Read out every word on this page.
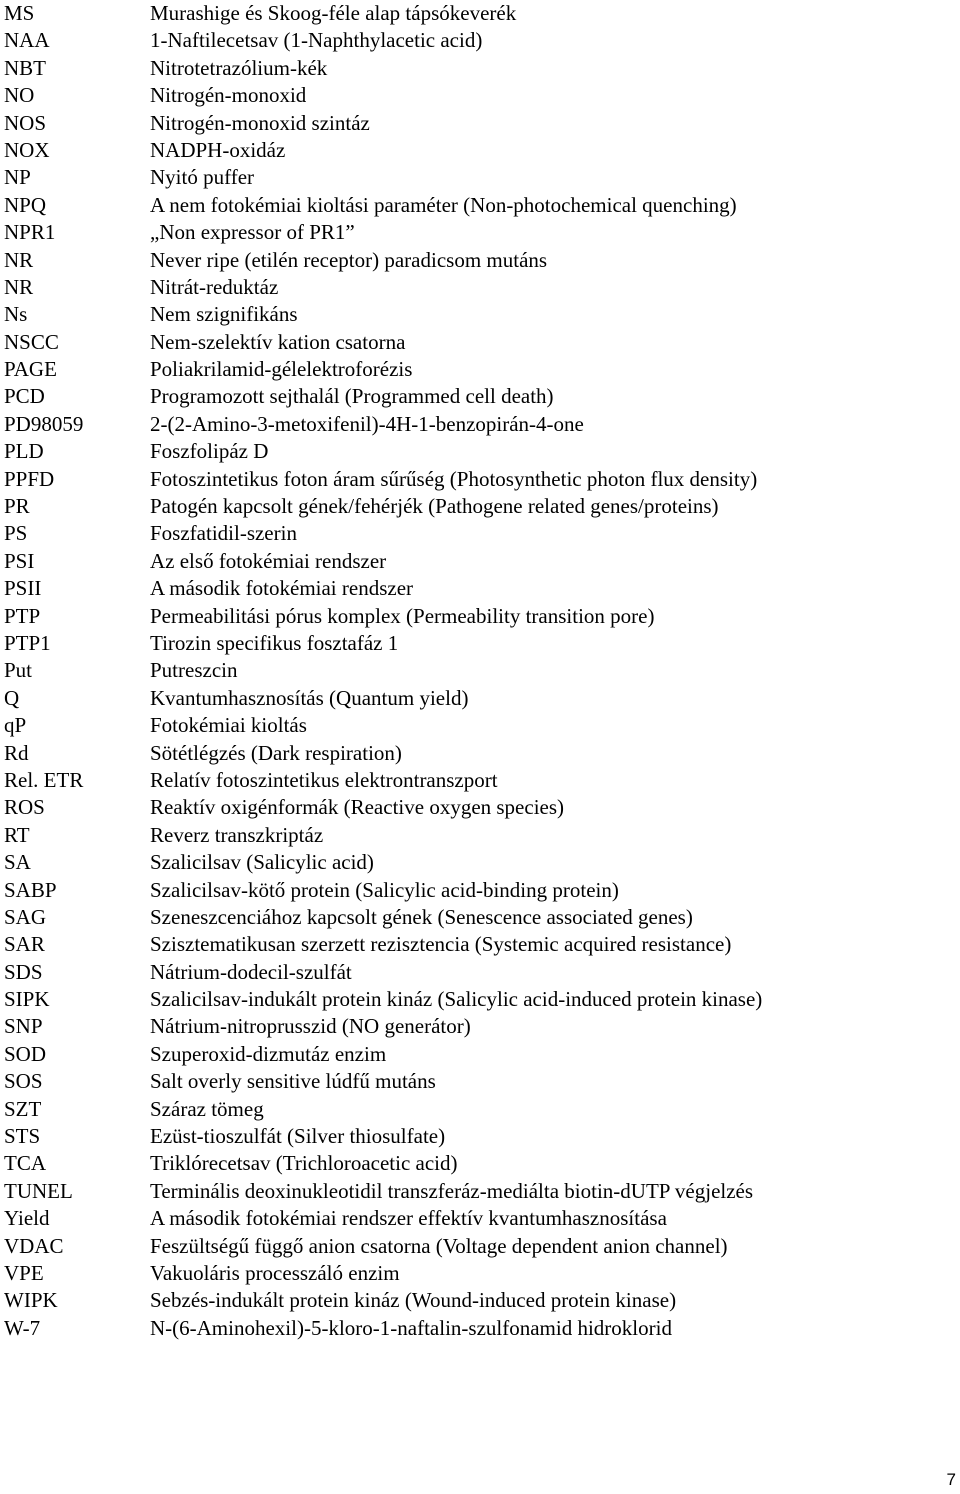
MS	Murashige és Skoog-féle alap tápsókeverék
NAA	1-Naftilecetsav (1-Naphthylacetic acid)
NBT	Nitrotetrazólium-kék
NO	Nitrogén-monoxid
NOS	Nitrogén-monoxid szintáz
NOX	NADPH-oxidáz
NP	Nyitó puffer
NPQ	A nem fotokémiai kioltási paraméter (Non-photochemical quenching)
NPR1	„Non expressor of PR1”
NR	Never ripe (etilén receptor) paradicsom mutáns
NR	Nitrát-reduktáz
Ns	Nem szignifikáns
NSCC	Nem-szelektív kation csatorna
PAGE	Poliakrilamid-gélelektroforézis
PCD	Programozott sejthalál (Programmed cell death)
PD98059	2-(2-Amino-3-metoxifenil)-4H-1-benzopirán-4-one
PLD	Foszfolipáz D
PPFD	Fotoszintetikus foton áram sűrűség (Photosynthetic photon flux density)
PR	Patogén kapcsolt gének/fehérjék (Pathogene related genes/proteins)
PS	Foszfatidil-szerin
PSI	Az első fotokémiai rendszer
PSII	A második fotokémiai rendszer
PTP	Permeabilitási pórus komplex (Permeability transition pore)
PTP1	Tirozin specifikus fosztafáz 1
Put	Putreszcin
Q	Kvantumhasznosítás (Quantum yield)
qP	Fotokémiai kioltás
Rd	Sötétlégzés (Dark respiration)
Rel. ETR	Relatív fotoszintetikus elektrontranszport
ROS	Reaktív oxigénformák (Reactive oxygen species)
RT	Reverz transzkriptáz
SA	Szalicilsav (Salicylic acid)
SABP	Szalicilsav-kötő protein (Salicylic acid-binding protein)
SAG	Szeneszcenciához kapcsolt gének (Senescence associated genes)
SAR	Szisztematikusan szerzett rezisztencia (Systemic acquired resistance)
SDS	Nátrium-dodecil-szulfát
SIPK	Szalicilsav-indukált protein kináz (Salicylic acid-induced protein kinase)
SNP	Nátrium-nitroprusszid (NO generátor)
SOD	Szuperoxid-dizmutáz enzim
SOS	Salt overly sensitive lúdfű mutáns
SZT	Száraz tömeg
STS	Ezüst-tioszulfát (Silver thiosulfate)
TCA	Triklórecetsav (Trichloroacetic acid)
TUNEL	Terminális deoxinukleotidil transzferáz-mediálta biotin-dUTP végjelzés
Yield	A második fotokémiai rendszer effektív kvantumhasznosítása
VDAC	Feszültségű függő anion csatorna (Voltage dependent anion channel)
VPE	Vakuoláris processzáló enzim
WIPK	Sebzés-indukált protein kináz (Wound-induced protein kinase)
W-7	N-(6-Aminohexil)-5-kloro-1-naftalin-szulfonamid hidroklorid
7
